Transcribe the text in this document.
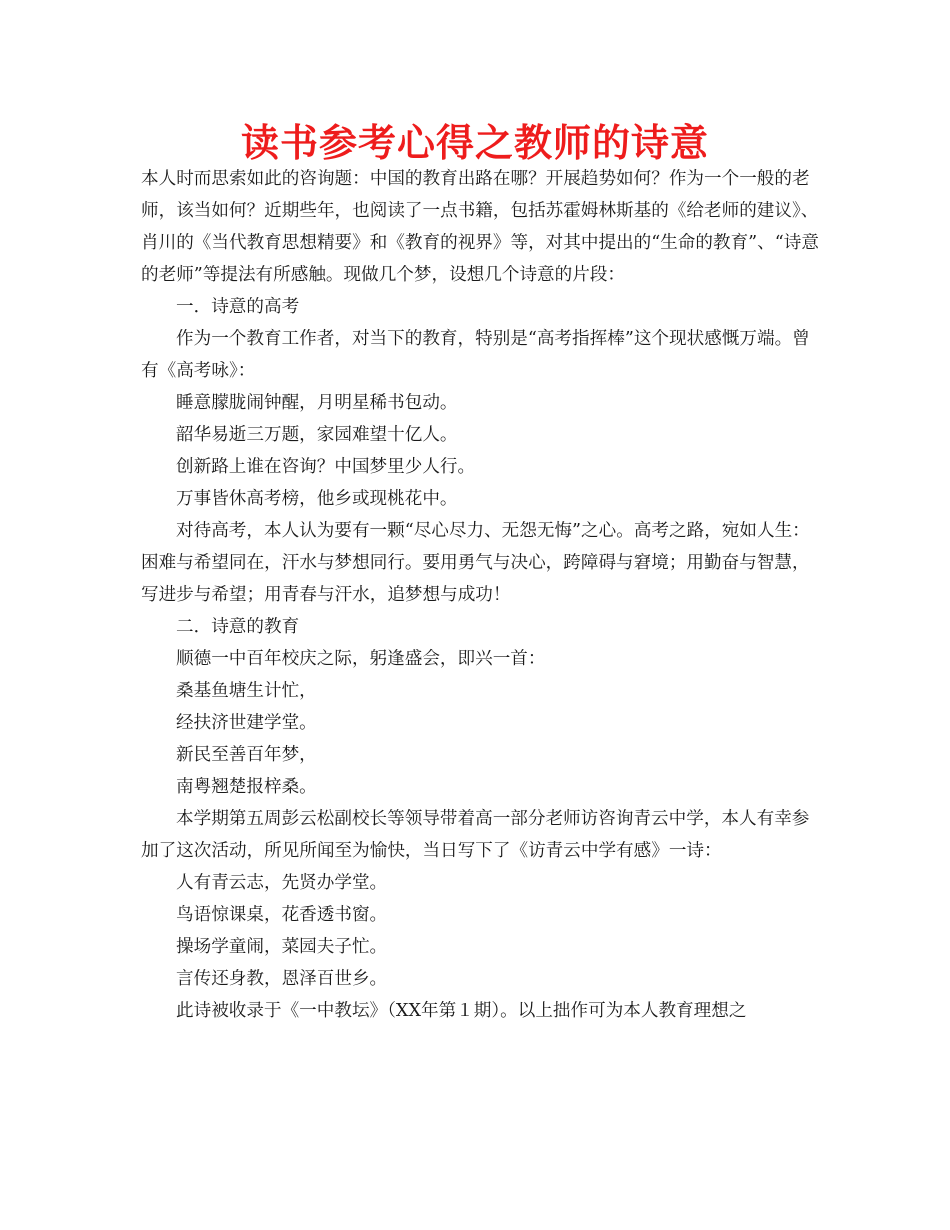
读书参考心得之教师的诗意

本人时而思索如此的咨询题：中国的教育出路在哪？开展趋势如何？作为一个一般的老师，该当如何？近期些年，也阅读了一点书籍，包括苏霍姆林斯基的《给老师的建议》、肖川的《当代教育思想精要》和《教育的视界》等，对其中提出的“生命的教育”、“诗意的老师”等提法有所感触。现做几个梦，设想几个诗意的片段：

一．诗意的高考

作为一个教育工作者，对当下的教育，特别是“高考指挥棒”这个现状感慨万端。曾有《高考咏》：

睡意朦胧闹钟醒，月明星稀书包动。

韶华易逝三万题，家园难望十亿人。

创新路上谁在咨询？中国梦里少人行。

万事皆休高考榜，他乡或现桃花中。

对待高考，本人认为要有一颗“尽心尽力、无怨无悔”之心。高考之路，宛如人生：困难与希望同在，汗水与梦想同行。要用勇气与决心，跨障碍与窘境；用勤奋与智慧，写进步与希望；用青春与汗水，追梦想与成功！

二．诗意的教育

顺德一中百年校庆之际，躬逢盛会，即兴一首：

桑基鱼塘生计忙，

经扶济世建学堂。

新民至善百年梦，

南粤翘楚报梓桑。

本学期第五周彭云松副校长等领导带着高一部分老师访咨询青云中学，本人有幸参加了这次活动，所见所闻至为愉快，当日写下了《访青云中学有感》一诗：

人有青云志，先贤办学堂。

鸟语惊课桌，花香透书窗。

操场学童闹，菜园夫子忙。

言传还身教，恩泽百世乡。

此诗被收录于《一中教坛》（XX年第１期）。以上拙作可为本人教育理想之
